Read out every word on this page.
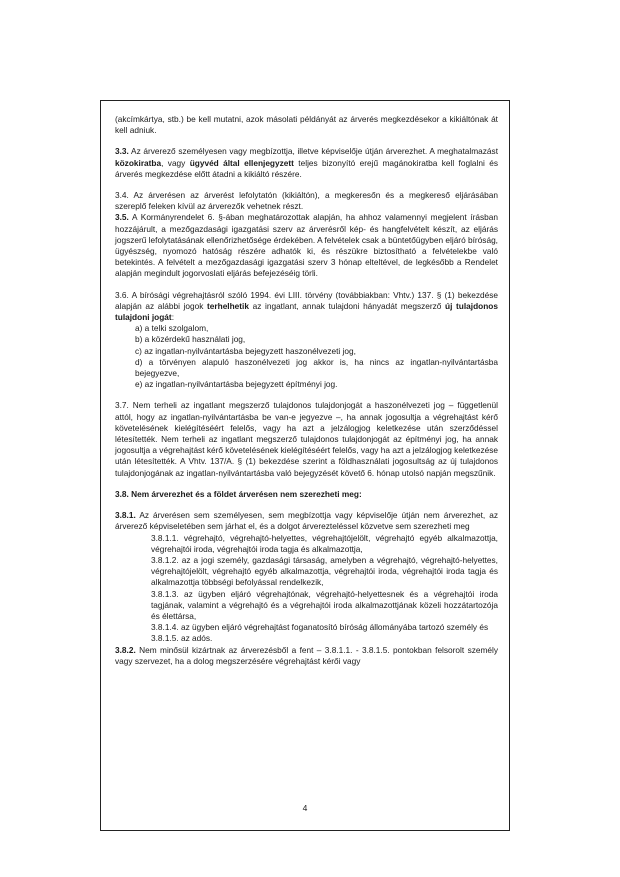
(akcímkártya, stb.) be kell mutatni, azok másolati példányát az árverés megkezdésekor a kikiáltónak át kell adniuk.

3.3. Az árverező személyesen vagy megbízottja, illetve képviselője útján árverezhet. A meghatalmazást közokiratba, vagy ügyvéd által ellenjegyzett teljes bizonyító erejű magánokiratba kell foglalni és árverés megkezdése előtt átadni a kikiáltó részére.

3.4. Az árverésen az árverést lefolytatón (kikiáltón), a megkeresőn és a megkereső eljárásában szereplő feleken kívül az árverezők vehetnek részt.

3.5. A Kormányrendelet 6. §-ában meghatározottak alapján, ha ahhoz valamennyi megjelent írásban hozzájárult, a mezőgazdasági igazgatási szerv az árverésről kép- és hangfelvételt készít, az eljárás jogszerű lefolytatásának ellenőrizhetősége érdekében. A felvételek csak a büntetőügyben eljáró bíróság, ügyészség, nyomozó hatóság részére adhatók ki, és részükre biztosítható a felvételekbe való betekintés. A felvételt a mezőgazdasági igazgatási szerv 3 hónap elteltével, de legkésőbb a Rendelet alapján megindult jogorvoslati eljárás befejezéséig törli.

3.6. A bírósági végrehajtásról szóló 1994. évi LIII. törvény (továbbiakban: Vhtv.) 137. § (1) bekezdése alapján az alábbi jogok terhelhetik az ingatlant, annak tulajdoni hányadát megszerző új tulajdonos tulajdoni jogát:

a) a telki szolgalom,
b) a közérdekű használati jog,
c) az ingatlan-nyilvántartásba bejegyzett haszonélvezeti jog,
d) a törvényen alapuló haszonélvezeti jog akkor is, ha nincs az ingatlan-nyilvántartásba bejegyezve,
e) az ingatlan-nyilvántartásba bejegyzett építményi jog.

3.7. Nem terheli az ingatlant megszerző tulajdonos tulajdonjogát a haszonélvezeti jog – függetlenül attól, hogy az ingatlan-nyilvántartásba be van-e jegyezve –, ha annak jogosultja a végrehajtást kérő követelésének kielégítéséért felelős, vagy ha azt a jelzálogjog keletkezése után szerződéssel létesítették. Nem terheli az ingatlant megszerző tulajdonos tulajdonjogát az építményi jog, ha annak jogosultja a végrehajtást kérő követelésének kielégítéséért felelős, vagy ha azt a jelzálogjog keletkezése után létesítették. A Vhtv. 137/A. § (1) bekezdése szerint a földhasználati jogosultság az új tulajdonos tulajdonjogának az ingatlan-nyilvántartásba való bejegyzését követő 6. hónap utolsó napján megszűnik.

3.8. Nem árverezhet és a földet árverésen nem szerezheti meg:

3.8.1. Az árverésen sem személyesen, sem megbízottja vagy képviselője útján nem árverezhet, az árverező képviseletében sem járhat el, és a dolgot árverezteléssel közvetve sem szerezheti meg

3.8.1.1. végrehajtó, végrehajtó-helyettes, végrehajtójelölt, végrehajtó egyéb alkalmazottja, végrehajtói iroda, végrehajtói iroda tagja és alkalmazottja,
3.8.1.2. az a jogi személy, gazdasági társaság, amelyben a végrehajtó, végrehajtó-helyettes, végrehajtójelölt, végrehajtó egyéb alkalmazottja, végrehajtói iroda, végrehajtói iroda tagja és alkalmazottja többségi befolyással rendelkezik,
3.8.1.3. az ügyben eljáró végrehajtónak, végrehajtó-helyettesnek és a végrehajtói iroda tagjának, valamint a végrehajtó és a végrehajtói iroda alkalmazottjának közeli hozzátartozója és élettársa,
3.8.1.4. az ügyben eljáró végrehajtást foganatosító bíróság állományába tartozó személy és
3.8.1.5. az adós.

3.8.2. Nem minősül kizártnak az árverezésből a fent – 3.8.1.1. - 3.8.1.5. pontokban felsorolt személy vagy szervezet, ha a dolog megszerzésére végrehajtást kérői vagy

4
